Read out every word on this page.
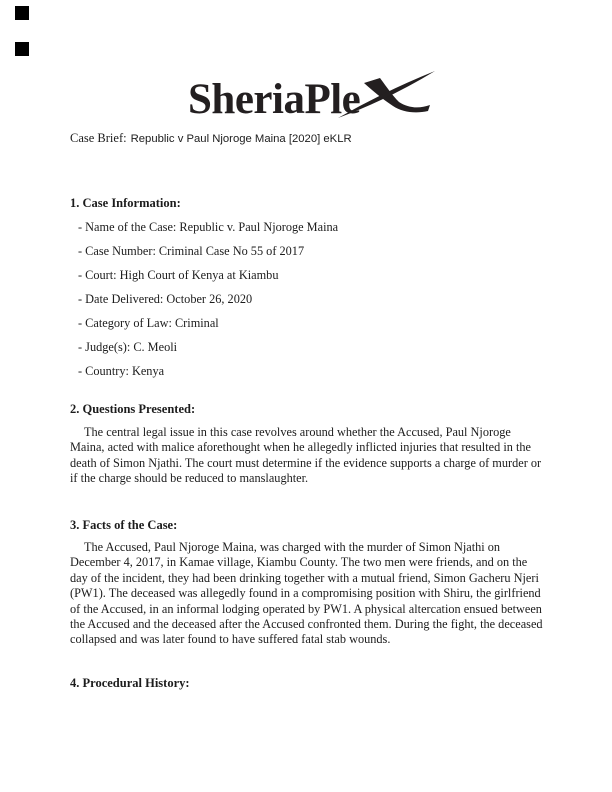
SheriaPle
Case Brief: Republic v Paul Njoroge Maina [2020] eKLR
1. Case Information:
- Name of the Case: Republic v. Paul Njoroge Maina
- Case Number: Criminal Case No 55 of 2017
- Court: High Court of Kenya at Kiambu
- Date Delivered: October 26, 2020
- Category of Law: Criminal
- Judge(s): C. Meoli
- Country: Kenya
2. Questions Presented:
The central legal issue in this case revolves around whether the Accused, Paul Njoroge Maina, acted with malice aforethought when he allegedly inflicted injuries that resulted in the death of Simon Njathi. The court must determine if the evidence supports a charge of murder or if the charge should be reduced to manslaughter.
3. Facts of the Case:
The Accused, Paul Njoroge Maina, was charged with the murder of Simon Njathi on December 4, 2017, in Kamae village, Kiambu County. The two men were friends, and on the day of the incident, they had been drinking together with a mutual friend, Simon Gacheru Njeri (PW1). The deceased was allegedly found in a compromising position with Shiru, the girlfriend of the Accused, in an informal lodging operated by PW1. A physical altercation ensued between the Accused and the deceased after the Accused confronted them. During the fight, the deceased collapsed and was later found to have suffered fatal stab wounds.
4. Procedural History:
